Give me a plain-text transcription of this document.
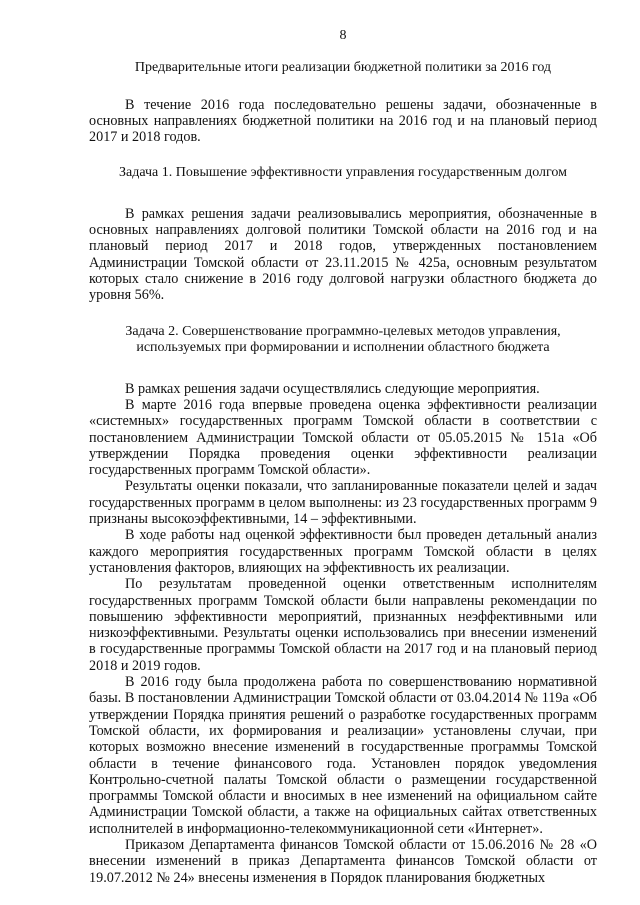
8

Предварительные итоги реализации бюджетной политики за 2016 год

В течение 2016 года последовательно решены задачи, обозначенные в основных направлениях бюджетной политики на 2016 год и на плановый период 2017 и 2018 годов.

Задача 1. Повышение эффективности управления государственным долгом

В рамках решения задачи реализовывались мероприятия, обозначенные в основных направлениях долговой политики Томской области на 2016 год и на плановый период 2017 и 2018 годов, утвержденных постановлением Администрации Томской области от 23.11.2015 № 425а, основным результатом которых стало снижение в 2016 году долговой нагрузки областного бюджета до уровня 56%.

Задача 2. Совершенствование программно-целевых методов управления,

используемых при формировании и исполнении областного бюджета

В рамках решения задачи осуществлялись следующие мероприятия.

В марте 2016 года впервые проведена оценка эффективности реализации «системных» государственных программ Томской области в соответствии с постановлением Администрации Томской области от 05.05.2015 № 151а «Об утверждении Порядка проведения оценки эффективности реализации государственных программ Томской области».

Результаты оценки показали, что запланированные показатели целей и задач государственных программ в целом выполнены: из 23 государственных программ 9 признаны высокоэффективными, 14 – эффективными.

В ходе работы над оценкой эффективности был проведен детальный анализ каждого мероприятия государственных программ Томской области в целях установления факторов, влияющих на эффективность их реализации.

По результатам проведенной оценки ответственным исполнителям государственных программ Томской области были направлены рекомендации по повышению эффективности мероприятий, признанных неэффективными или низкоэффективными. Результаты оценки использовались при внесении изменений в государственные программы Томской области на 2017 год и на плановый период 2018 и 2019 годов.

В 2016 году была продолжена работа по совершенствованию нормативной базы. В постановлении Администрации Томской области от 03.04.2014 № 119а «Об утверждении Порядка принятия решений о разработке государственных программ Томской области, их формирования и реализации» установлены случаи, при которых возможно внесение изменений в государственные программы Томской области в течение финансового года. Установлен порядок уведомления Контрольно-счетной палаты Томской области о размещении государственной программы Томской области и вносимых в нее изменений на официальном сайте Администрации Томской области, а также на официальных сайтах ответственных исполнителей в информационно-телекоммуникационной сети «Интернет».

Приказом Департамента финансов Томской области от 15.06.2016 № 28 «О внесении изменений в приказ Департамента финансов Томской области от 19.07.2012 № 24» внесены изменения в Порядок планирования бюджетных
